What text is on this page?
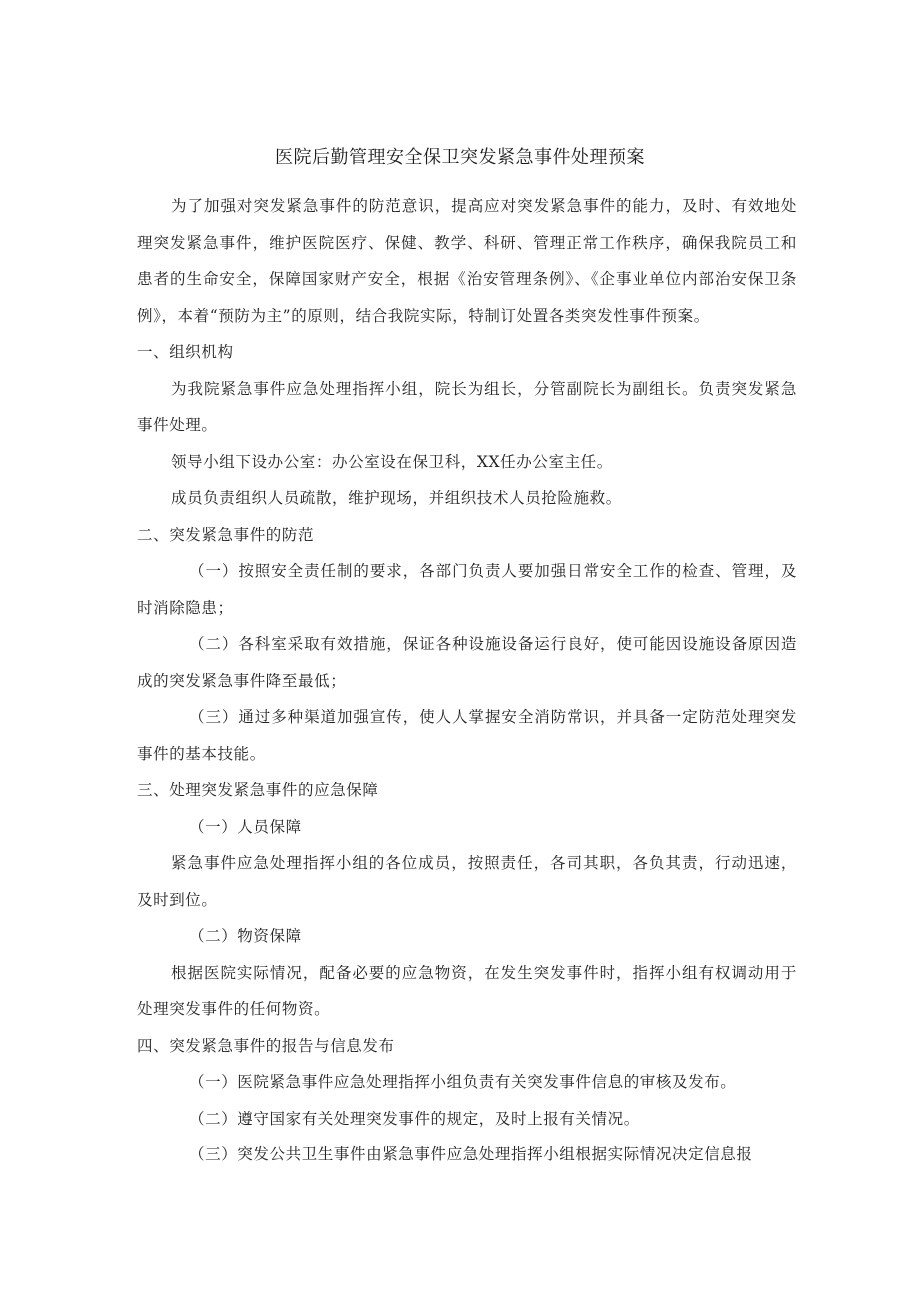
医院后勤管理安全保卫突发紧急事件处理预案

为了加强对突发紧急事件的防范意识，提高应对突发紧急事件的能力，及时、有效地处理突发紧急事件，维护医院医疗、保健、教学、科研、管理正常工作秩序，确保我院员工和患者的生命安全，保障国家财产安全，根据《治安管理条例》、《企事业单位内部治安保卫条例》，本着“预防为主”的原则，结合我院实际，特制订处置各类突发性事件预案。

一、组织机构

为我院紧急事件应急处理指挥小组，院长为组长，分管副院长为副组长。负责突发紧急事件处理。

领导小组下设办公室：办公室设在保卫科，XX任办公室主任。

成员负责组织人员疏散，维护现场，并组织技术人员抢险施救。

二、突发紧急事件的防范

（一）按照安全责任制的要求，各部门负责人要加强日常安全工作的检查、管理，及时消除隐患；

（二）各科室采取有效措施，保证各种设施设备运行良好，使可能因设施设备原因造成的突发紧急事件降至最低；

（三）通过多种渠道加强宣传，使人人掌握安全消防常识，并具备一定防范处理突发事件的基本技能。

三、处理突发紧急事件的应急保障

（一）人员保障

紧急事件应急处理指挥小组的各位成员，按照责任，各司其职，各负其责，行动迅速，及时到位。

（二）物资保障

根据医院实际情况，配备必要的应急物资，在发生突发事件时，指挥小组有权调动用于处理突发事件的任何物资。

四、突发紧急事件的报告与信息发布

（一）医院紧急事件应急处理指挥小组负责有关突发事件信息的审核及发布。

（二）遵守国家有关处理突发事件的规定，及时上报有关情况。

（三）突发公共卫生事件由紧急事件应急处理指挥小组根据实际情况决定信息报
